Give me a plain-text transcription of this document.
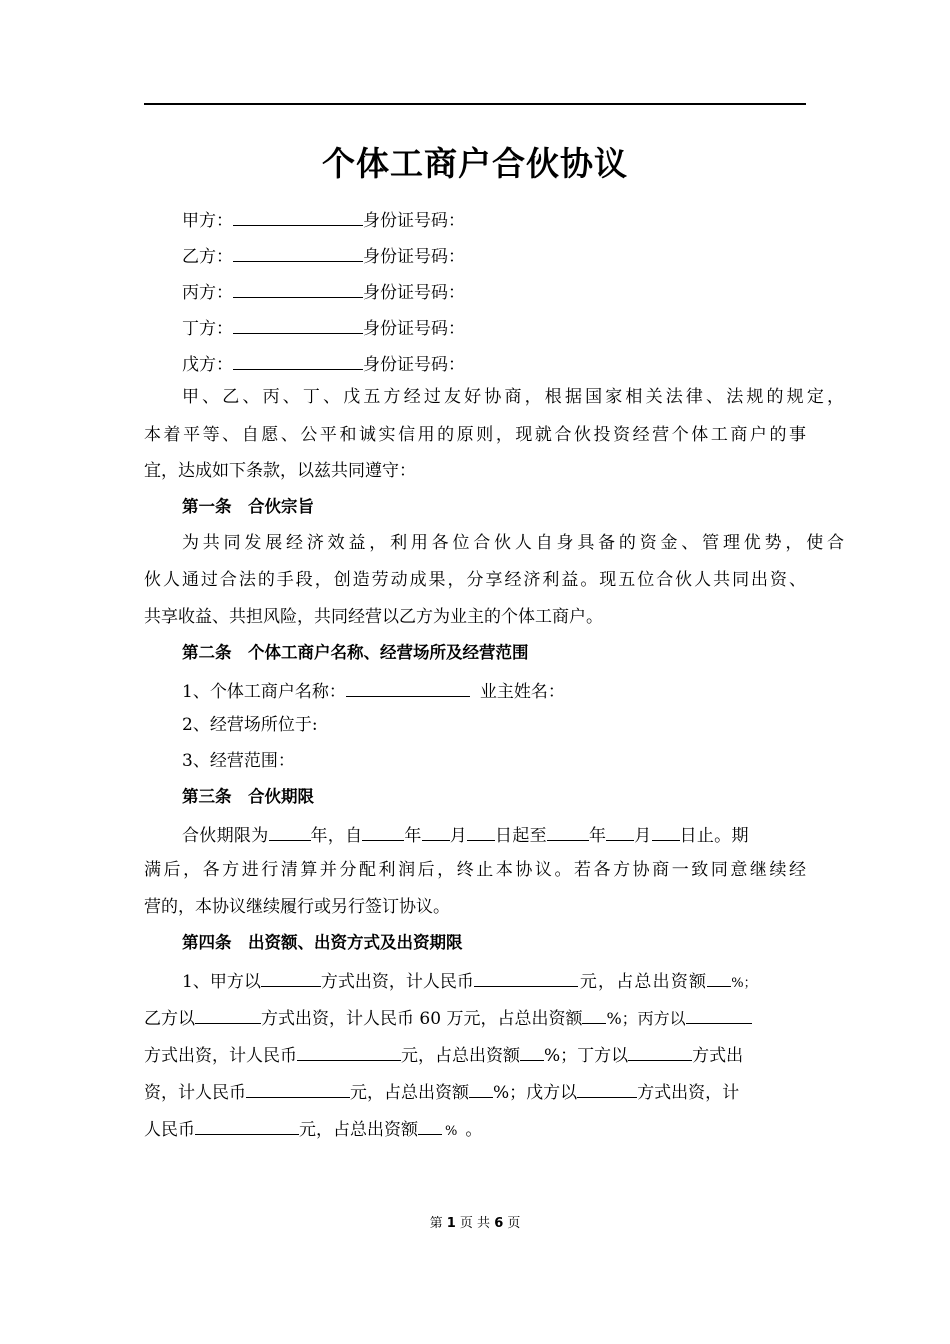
个体工商户合伙协议
甲方：	身份证号码：
乙方：	身份证号码：
丙方：	身份证号码：
丁方：	身份证号码：
戊方：	身份证号码：
甲、乙、丙、丁、戊五方经过友好协商，根据国家相关法律、法规的规定，
本着平等、自愿、公平和诚实信用的原则，现就合伙投资经营个体工商户的事
宜，达成如下条款，以兹共同遵守：
第一条　合伙宗旨
为共同发展经济效益，利用各位合伙人自身具备的资金、管理优势，使合
伙人通过合法的手段，创造劳动成果，分享经济利益。现五位合伙人共同出资、
共享收益、共担风险，共同经营以乙方为业主的个体工商户。
第二条　个体工商户名称、经营场所及经营范围
1、个体工商户名称：	业主姓名：
2、经营场所位于:
3、经营范围：
第三条　合伙期限
合伙期限为 年，自 年 月 日起至 年 月 日止。期
满后，各方进行清算并分配利润后，终止本协议。若各方协商一致同意继续经
营的，本协议继续履行或另行签订协议。
第四条　出资额、出资方式及出资期限
1、甲方以	方式出资，计人民币	元，占总出资额 %；
乙方以	方式出资，计人民币 60 万元，占总出资额 %；丙方以
方式出资，计人民币	元，占总出资额 %；丁方以	方式出
资，计人民币	元，占总出资额 %；戊方以	方式出资，计
人民币	元，占总出资额 % 。
第 1 页 共 6 页
